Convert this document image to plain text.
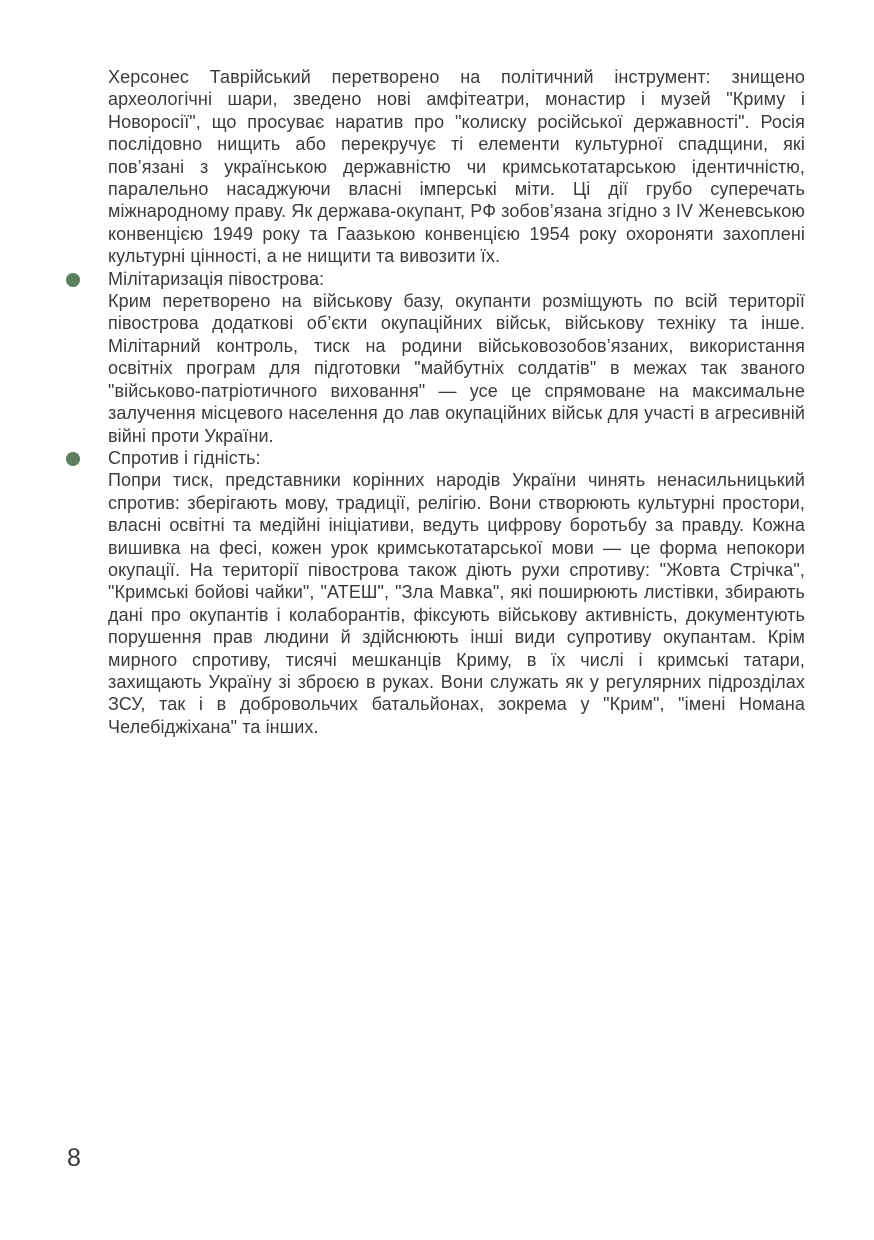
Херсонес Таврійський перетворено на політичний інструмент: знищено археологічні шари, зведено нові амфітеатри, монастир і музей "Криму і Новоросії", що просуває наратив про "колиску російської державності". Росія послідовно нищить або перекручує ті елементи культурної спадщини, які пов’язані з українською державністю чи кримськотатарською ідентичністю, паралельно насаджуючи власні імперські міти. Ці дії грубо суперечать міжнародному праву. Як держава-окупант, РФ зобов’язана згідно з IV Женевською конвенцією 1949 року та Гаазькою конвенцією 1954 року охороняти захоплені культурні цінності, а не нищити та вивозити їх.

Мілітаризація півострова:

Крим перетворено на військову базу, окупанти розміщують по всій території півострова додаткові об’єкти окупаційних військ, військову техніку та інше. Мілітарний контроль, тиск на родини військовозобов’язаних, використання освітніх програм для підготовки "майбутніх солдатів" в межах так званого "військово-патріотичного виховання" — усе це спрямоване на максимальне залучення місцевого населення до лав окупаційних військ для участі в агресивній війні проти України.

Спротив і гідність:

Попри тиск, представники корінних народів України чинять ненасильницький спротив: зберігають мову, традиції, релігію. Вони створюють культурні простори, власні освітні та медійні ініціативи, ведуть цифрову боротьбу за правду. Кожна вишивка на фесі, кожен урок кримськотатарської мови — це форма непокори окупації. На території півострова також діють рухи спротиву: "Жовта Стрічка", "Кримські бойові чайки", "АТЕШ", "Зла Мавка", які поширюють листівки, збирають дані про окупантів і колаборантів, фіксують військову активність, документують порушення прав людини й здійснюють інші види супротиву окупантам. Крім мирного спротиву, тисячі мешканців Криму, в їх числі і кримські татари, захищають Україну зі зброєю в руках. Вони служать як у регулярних підрозділах ЗСУ, так і в добровольчих батальйонах, зокрема у "Крим", "імені Номана Челебіджіхана" та інших.

8
